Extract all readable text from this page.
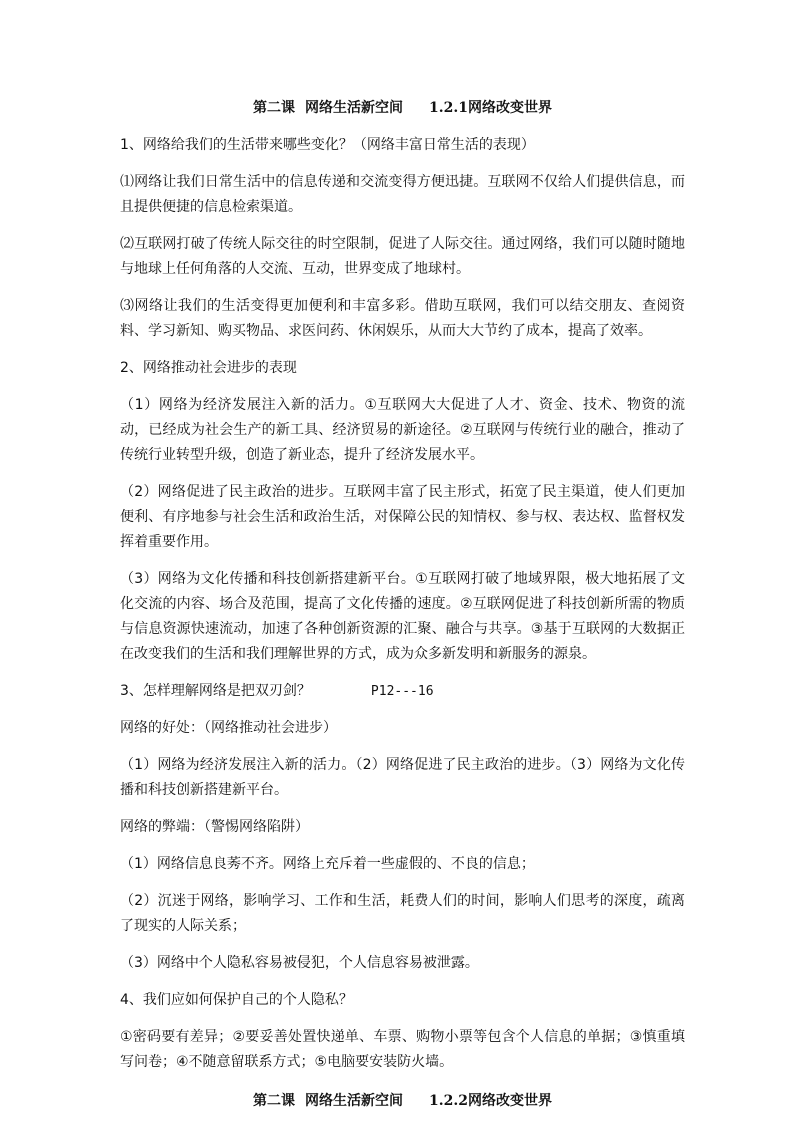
第二课 网络生活新空间 1.2.1网络改变世界
1、网络给我们的生活带来哪些变化？（网络丰富日常生活的表现）
⑴网络让我们日常生活中的信息传递和交流变得方便迅捷。互联网不仅给人们提供信息，而且提供便捷的信息检索渠道。
⑵互联网打破了传统人际交往的时空限制，促进了人际交往。通过网络，我们可以随时随地与地球上任何角落的人交流、互动，世界变成了地球村。
⑶网络让我们的生活变得更加便利和丰富多彩。借助互联网，我们可以结交朋友、查阅资料、学习新知、购买物品、求医问药、休闲娱乐，从而大大节约了成本，提高了效率。
2、网络推动社会进步的表现
（1）网络为经济发展注入新的活力。①互联网大大促进了人才、资金、技术、物资的流动，已经成为社会生产的新工具、经济贸易的新途径。②互联网与传统行业的融合，推动了传统行业转型升级，创造了新业态，提升了经济发展水平。
（2）网络促进了民主政治的进步。互联网丰富了民主形式，拓宽了民主渠道，使人们更加便利、有序地参与社会生活和政治生活，对保障公民的知情权、参与权、表达权、监督权发挥着重要作用。
（3）网络为文化传播和科技创新搭建新平台。①互联网打破了地域界限，极大地拓展了文化交流的内容、场合及范围，提高了文化传播的速度。②互联网促进了科技创新所需的物质与信息资源快速流动，加速了各种创新资源的汇聚、融合与共享。③基于互联网的大数据正在改变我们的生活和我们理解世界的方式，成为众多新发明和新服务的源泉。
3、怎样理解网络是把双刃剑？	P12---16
网络的好处：（网络推动社会进步）
（1）网络为经济发展注入新的活力。（2）网络促进了民主政治的进步。（3）网络为文化传播和科技创新搭建新平台。
网络的弊端：（警惕网络陷阱）
（1）网络信息良莠不齐。网络上充斥着一些虚假的、不良的信息；
（2）沉迷于网络，影响学习、工作和生活，耗费人们的时间，影响人们思考的深度，疏离了现实的人际关系；
（3）网络中个人隐私容易被侵犯，个人信息容易被泄露。
4、我们应如何保护自己的个人隐私？
①密码要有差异；②要妥善处置快递单、车票、购物小票等包含个人信息的单据；③慎重填写问卷；④不随意留联系方式；⑤电脑要安装防火墙。
第二课 网络生活新空间 1.2.2网络改变世界
